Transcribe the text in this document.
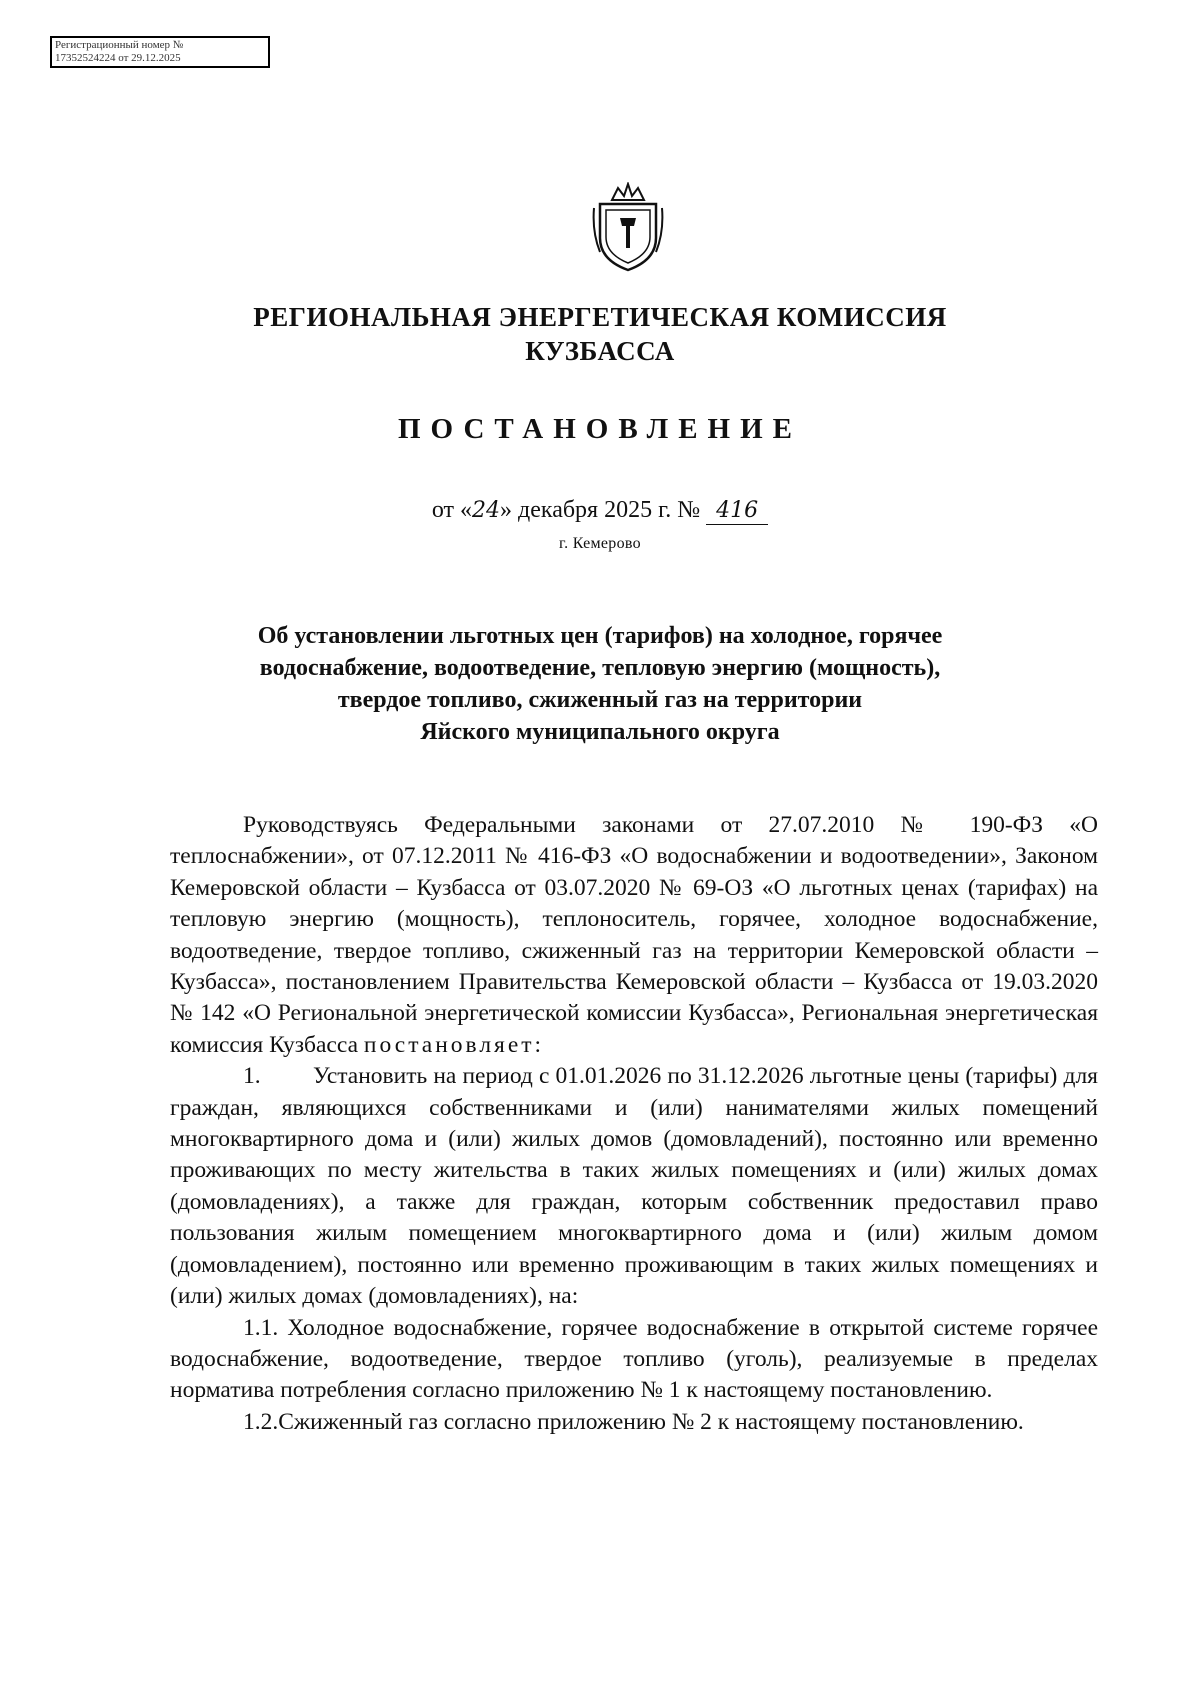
Регистрационный номер №
17352524224 от 29.12.2025
РЕГИОНАЛЬНАЯ ЭНЕРГЕТИЧЕСКАЯ КОМИССИЯ
КУЗБАССА
ПОСТАНОВЛЕНИЕ
от «24» декабря 2025 г. № 416
г. Кемерово
Об установлении льготных цен (тарифов) на холодное, горячее
водоснабжение, водоотведение, тепловую энергию (мощность),
твердое топливо, сжиженный газ на территории
Яйского муниципального округа

Руководствуясь Федеральными законами от 27.07.2010 № 190-ФЗ «О теплоснабжении», от 07.12.2011 № 416-ФЗ «О водоснабжении и водоотведении», Законом Кемеровской области – Кузбасса от 03.07.2020 № 69-ОЗ «О льготных ценах (тарифах) на тепловую энергию (мощность), теплоноситель, горячее, холодное водоснабжение, водоотведение, твердое топливо, сжиженный газ на территории Кемеровской области – Кузбасса», постановлением Правительства Кемеровской области – Кузбасса от 19.03.2020 № 142 «О Региональной энергетической комиссии Кузбасса», Региональная энергетическая комиссия Кузбасса постановляет:

1. Установить на период с 01.01.2026 по 31.12.2026 льготные цены (тарифы) для граждан, являющихся собственниками и (или) нанимателями жилых помещений многоквартирного дома и (или) жилых домов (домовладений), постоянно или временно проживающих по месту жительства в таких жилых помещениях и (или) жилых домах (домовладениях), а также для граждан, которым собственник предоставил право пользования жилым помещением многоквартирного дома и (или) жилым домом (домовладением), постоянно или временно проживающим в таких жилых помещениях и (или) жилых домах (домовладениях), на:

1.1. Холодное водоснабжение, горячее водоснабжение в открытой системе горячее водоснабжение, водоотведение, твердое топливо (уголь), реализуемые в пределах норматива потребления согласно приложению № 1 к настоящему постановлению.

1.2.Сжиженный газ согласно приложению № 2 к настоящему постановлению.
